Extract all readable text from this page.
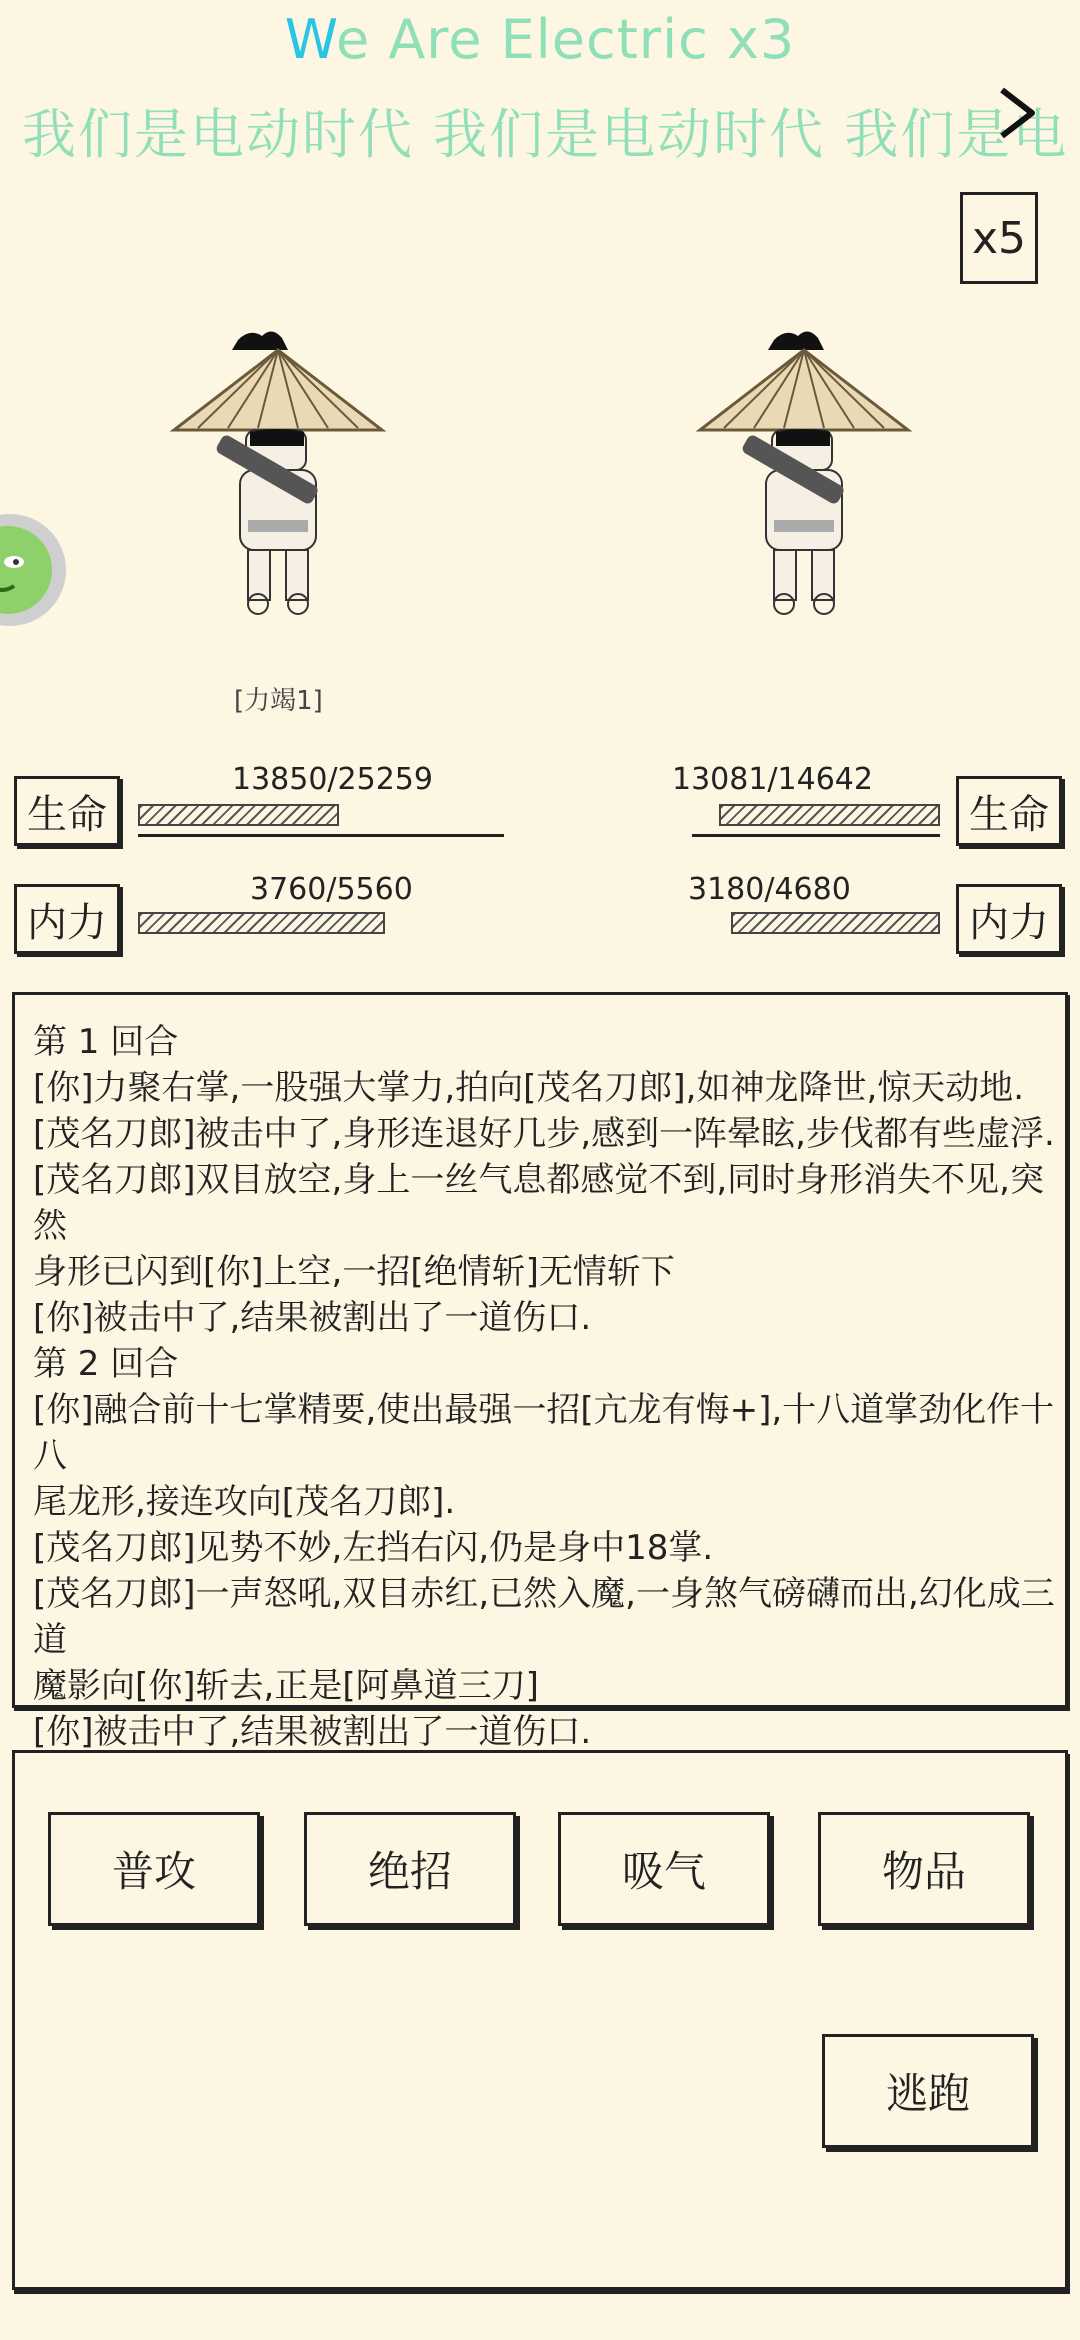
We Are Electric x3
我们是电动时代 我们是电动时代 我们是电
x5
[力竭1]
生命
13850/25259
内力
3760/5560
生命
13081/14642
内力
3180/4680
第 1 回合
[你]力聚右掌,一股强大掌力,拍向[茂名刀郎],如神龙降世,惊天动地.
[茂名刀郎]被击中了,身形连退好几步,感到一阵晕眩,步伐都有些虚浮.
[茂名刀郎]双目放空,身上一丝气息都感觉不到,同时身形消失不见,突然
身形已闪到[你]上空,一招[绝情斩]无情斩下
[你]被击中了,结果被割出了一道伤口.
第 2 回合
[你]融合前十七掌精要,使出最强一招[亢龙有悔+],十八道掌劲化作十八
尾龙形,接连攻向[茂名刀郎].
[茂名刀郎]见势不妙,左挡右闪,仍是身中18掌.
[茂名刀郎]一声怒吼,双目赤红,已然入魔,一身煞气磅礴而出,幻化成三道
魔影向[你]斩去,正是[阿鼻道三刀]
[你]被击中了,结果被割出了一道伤口.
普攻	绝招	吸气	物品
逃跑
